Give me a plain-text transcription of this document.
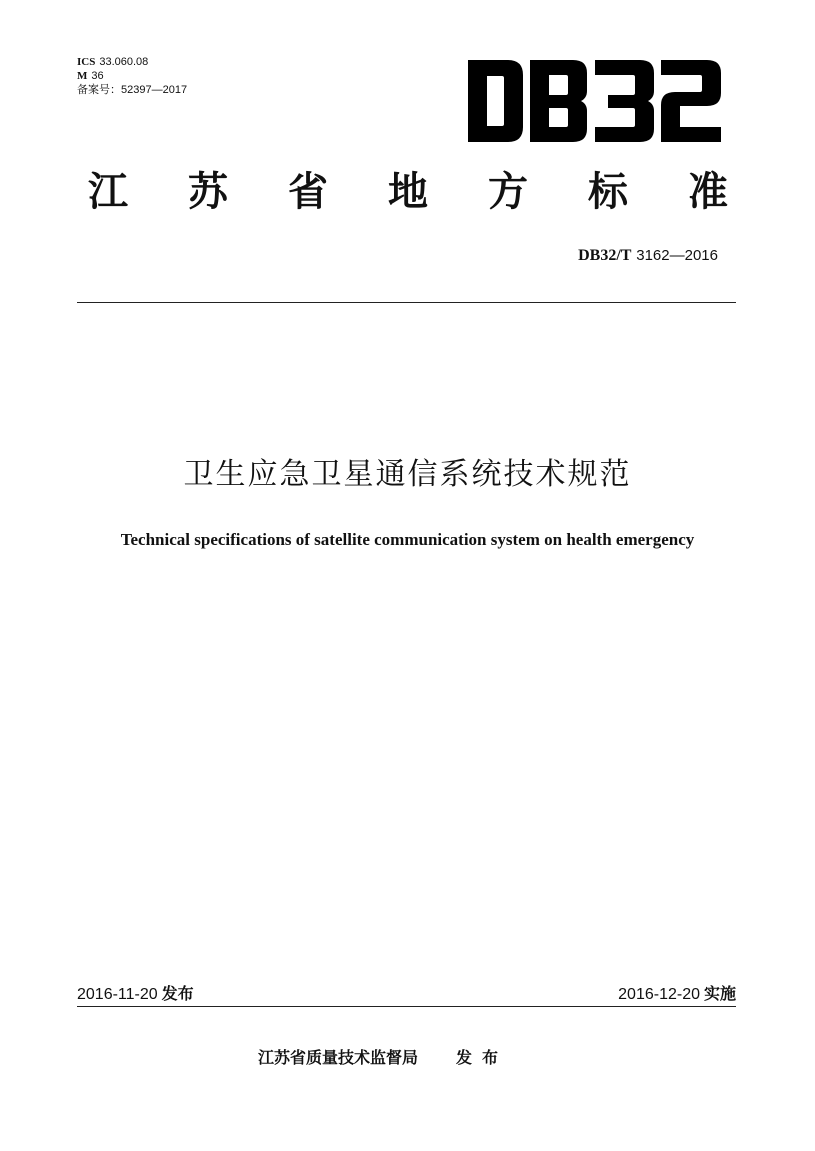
ICS 33.060.08
M 36
备案号：52397—2017
江 苏 省 地 方 标 准
DB32/T 3162—2016
卫生应急卫星通信系统技术规范
Technical specifications of satellite communication system on health emergency
2016-11-20 发布	2016-12-20 实施
江苏省质量技术监督局 发布
